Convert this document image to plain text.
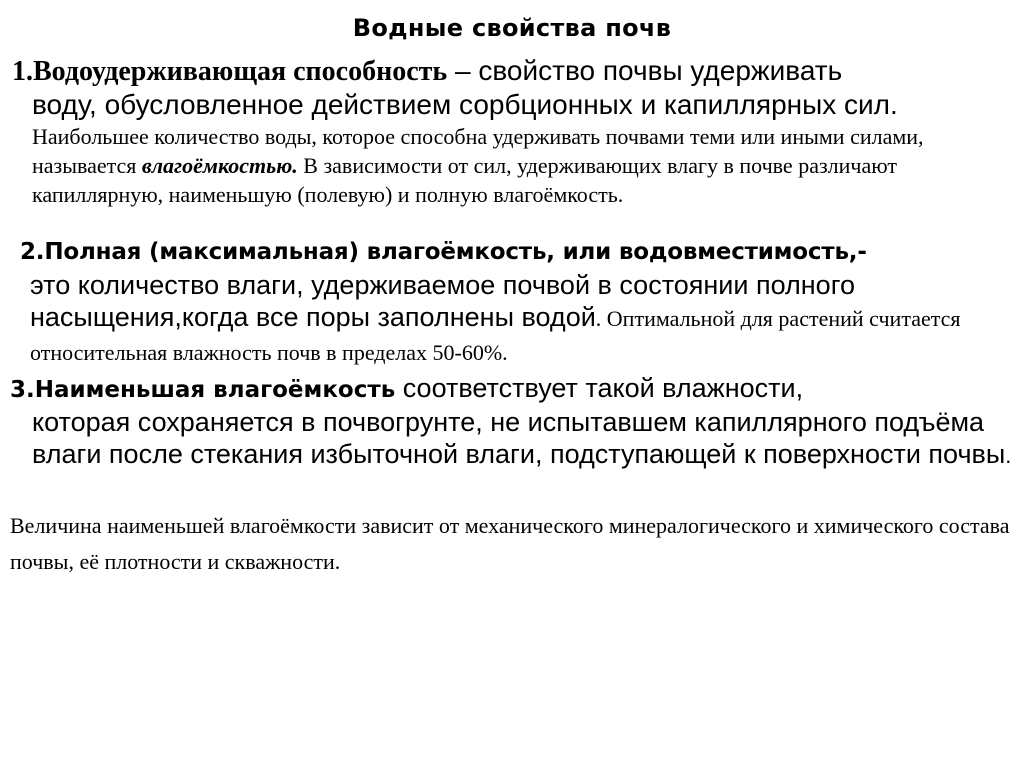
Водные свойства почв
1.Водоудерживающая способность – свойство почвы удерживать
воду, обусловленное действием сорбционных и капиллярных сил.
Наибольшее количество воды, которое способна удерживать почвами теми или иными силами, называется влагоёмкостью. В зависимости от сил, удерживающих влагу в почве различают капиллярную, наименьшую (полевую) и полную влагоёмкость.
2.Полная (максимальная) влагоёмкость, или водовместимость,-
это количество влаги, удерживаемое почвой в состоянии полного насыщения,когда все поры заполнены водой. Оптимальной для растений считается относительная влажность почв в пределах 50-60%.
3.Наименьшая влагоёмкость соответствует такой влажности,
которая сохраняется в почвогрунте, не испытавшем капиллярного подъёма влаги после стекания избыточной влаги, подступающей к поверхности почвы.
Величина наименьшей влагоёмкости зависит от механического минералогического и химического состава почвы, её плотности и скважности.
